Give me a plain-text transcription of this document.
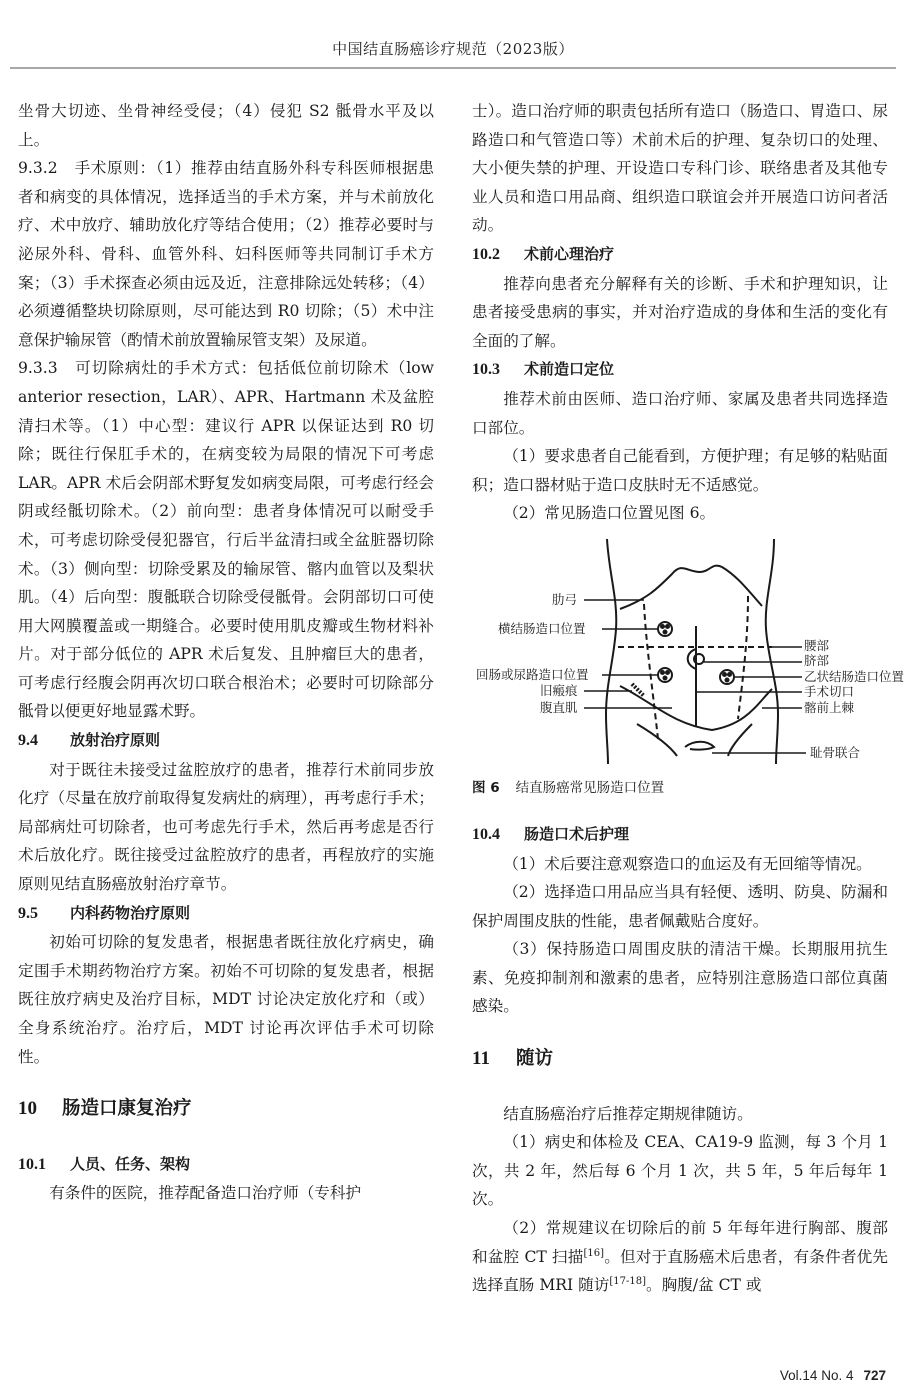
中国结直肠癌诊疗规范（2023版）

坐骨大切迹、坐骨神经受侵；（4）侵犯 S2 骶骨水平及以上。

9.3.2　手术原则：（1）推荐由结直肠外科专科医师根据患者和病变的具体情况，选择适当的手术方案，并与术前放化疗、术中放疗、辅助放化疗等结合使用；（2）推荐必要时与泌尿外科、骨科、血管外科、妇科医师等共同制订手术方案；（3）手术探查必须由远及近，注意排除远处转移；（4）必须遵循整块切除原则，尽可能达到 R0 切除；（5）术中注意保护输尿管（酌情术前放置输尿管支架）及尿道。

9.3.3　可切除病灶的手术方式：包括低位前切除术（low anterior resection，LAR）、APR、Hartmann 术及盆腔清扫术等。（1）中心型：建议行 APR 以保证达到 R0 切除；既往行保肛手术的，在病变较为局限的情况下可考虑 LAR。APR 术后会阴部术野复发如病变局限，可考虑行经会阴或经骶切除术。（2）前向型：患者身体情况可以耐受手术，可考虑切除受侵犯器官，行后半盆清扫或全盆脏器切除术。（3）侧向型：切除受累及的输尿管、髂内血管以及梨状肌。（4）后向型：腹骶联合切除受侵骶骨。会阴部切口可使用大网膜覆盖或一期缝合。必要时使用肌皮瓣或生物材料补片。对于部分低位的 APR 术后复发、且肿瘤巨大的患者，可考虑行经腹会阴再次切口联合根治术；必要时可切除部分骶骨以便更好地显露术野。

9.4 放射治疗原则

对于既往未接受过盆腔放疗的患者，推荐行术前同步放化疗（尽量在放疗前取得复发病灶的病理），再考虑行手术；局部病灶可切除者，也可考虑先行手术，然后再考虑是否行术后放化疗。既往接受过盆腔放疗的患者，再程放疗的实施原则见结直肠癌放射治疗章节。

9.5 内科药物治疗原则

初始可切除的复发患者，根据患者既往放化疗病史，确定围手术期药物治疗方案。初始不可切除的复发患者，根据既往放疗病史及治疗目标，MDT 讨论决定放化疗和（或）全身系统治疗。治疗后，MDT 讨论再次评估手术可切除性。

10 肠造口康复治疗
10.1 人员、任务、架构

有条件的医院，推荐配备造口治疗师（专科护

士）。造口治疗师的职责包括所有造口（肠造口、胃造口、尿路造口和气管造口等）术前术后的护理、复杂切口的处理、大小便失禁的护理、开设造口专科门诊、联络患者及其他专业人员和造口用品商、组织造口联谊会并开展造口访问者活动。

10.2 术前心理治疗

推荐向患者充分解释有关的诊断、手术和护理知识，让患者接受患病的事实，并对治疗造成的身体和生活的变化有全面的了解。

10.3 术前造口定位

推荐术前由医师、造口治疗师、家属及患者共同选择造口部位。

（1）要求患者自己能看到，方便护理；有足够的粘贴面积；造口器材贴于造口皮肤时无不适感觉。

（2）常见肠造口位置见图 6。

肋弓
横结肠造口位置
腰部
脐部
回肠或尿路造口位置	乙状结肠造口位置
旧瘢痕	手术切口
腹直肌	髂前上棘
耻骨联合
图 6 结直肠癌常见肠造口位置
10.4 肠造口术后护理

（1）术后要注意观察造口的血运及有无回缩等情况。

（2）选择造口用品应当具有轻便、透明、防臭、防漏和保护周围皮肤的性能，患者佩戴贴合度好。

（3）保持肠造口周围皮肤的清洁干燥。长期服用抗生素、免疫抑制剂和激素的患者，应特别注意肠造口部位真菌感染。

11 随访

结直肠癌治疗后推荐定期规律随访。

（1）病史和体检及 CEA、CA19-9 监测，每 3 个月 1 次，共 2 年，然后每 6 个月 1 次，共 5 年，5 年后每年 1 次。

（2）常规建议在切除后的前 5 年每年进行胸部、腹部和盆腔 CT 扫描[16]。但对于直肠癌术后患者，有条件者优先选择直肠 MRI 随访[17-18]。胸腹/盆 CT 或

Vol.14 No. 4 727
